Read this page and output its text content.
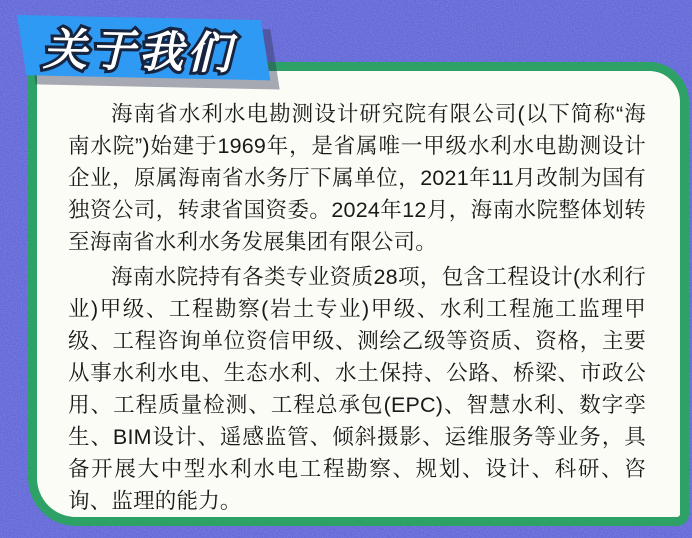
海南省水利水电勘测设计研究院有限公司(以下简称“海南水院”)始建于1969年，是省属唯一甲级水利水电勘测设计企业，原属海南省水务厅下属单位，2021年11月改制为国有独资公司，转隶省国资委。2024年12月，海南水院整体划转至海南省水利水务发展集团有限公司。

海南水院持有各类专业资质28项，包含工程设计(水利行业)甲级、工程勘察(岩土专业)甲级、水利工程施工监理甲级、工程咨询单位资信甲级、测绘乙级等资质、资格，主要从事水利水电、生态水利、水土保持、公路、桥梁、市政公用、工程质量检测、工程总承包(EPC)、智慧水利、数字孪生、BIM设计、遥感监管、倾斜摄影、运维服务等业务，具备开展大中型水利水电工程勘察、规划、设计、科研、咨询、监理的能力。

关于我们
